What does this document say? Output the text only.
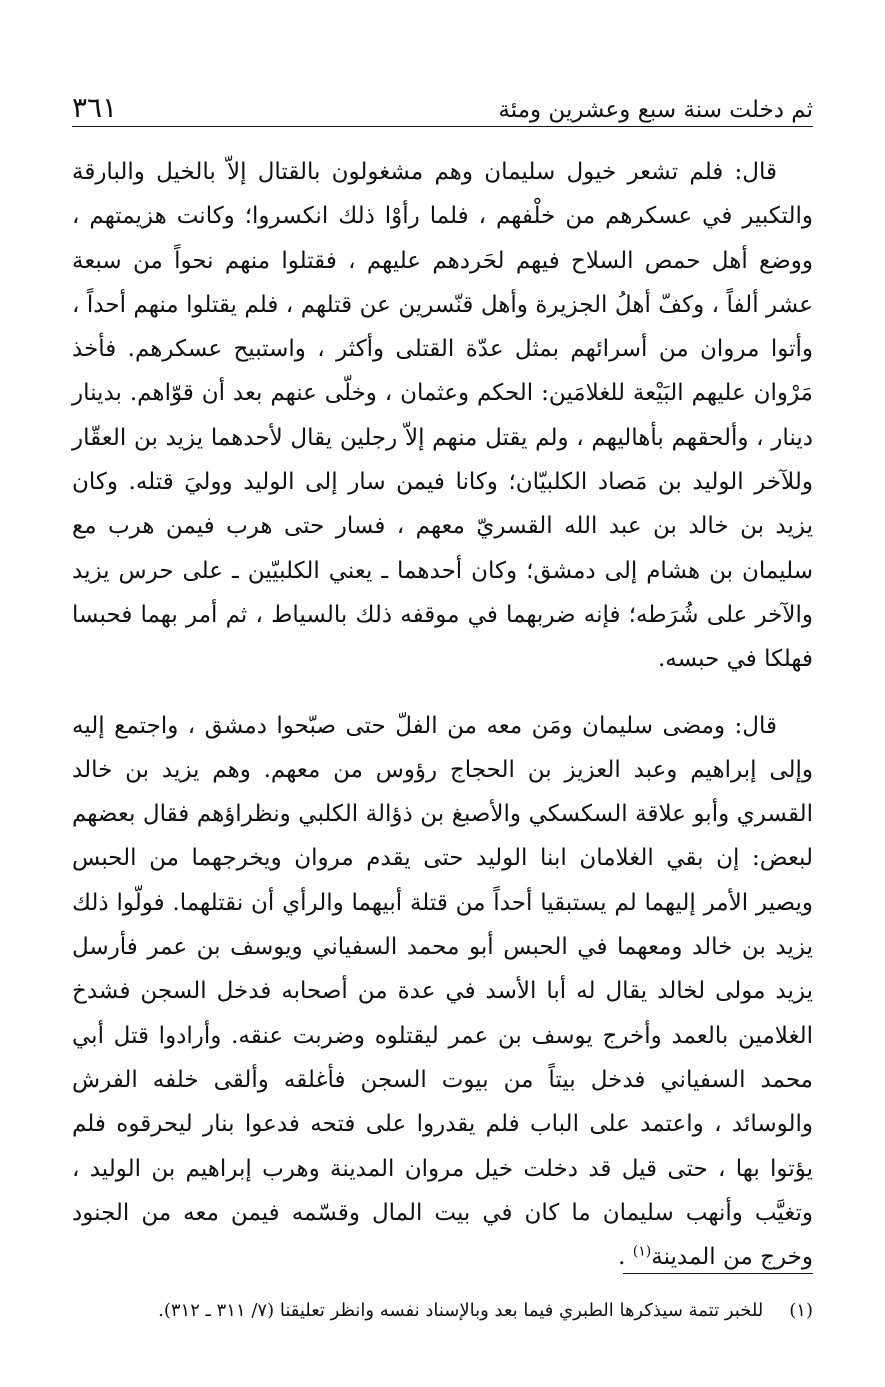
٣٦١	ثم دخلت سنة سبع وعشرين ومئة

قال: فلم تشعر خيول سليمان وهم مشغولون بالقتال إلاّ بالخيل والبارقة والتكبير في عسكرهم من خلْفهم ، فلما رأوْا ذلك انكسروا؛ وكانت هزيمتهم ، ووضع أهل حمص السلاح فيهم لحَردهم عليهم ، فقتلوا منهم نحواً من سبعة عشر ألفاً ، وكفّ أهلُ الجزيرة وأهل قنّسرين عن قتلهم ، فلم يقتلوا منهم أحداً ، وأتوا مروان من أسرائهم بمثل عدّة القتلى وأكثر ، واستبيح عسكرهم. فأخذ مَرْوان عليهم البَيْعة للغلامَين: الحكم وعثمان ، وخلّى عنهم بعد أن قوّاهم. بدينار دينار ، وألحقهم بأهاليهم ، ولم يقتل منهم إلاّ رجلين يقال لأحدهما يزيد بن العقّار وللآخر الوليد بن مَصاد الكلبيّان؛ وكانا فيمن سار إلى الوليد ووليَ قتله. وكان يزيد بن خالد بن عبد الله القسريّ معهم ، فسار حتى هرب فيمن هرب مع سليمان بن هشام إلى دمشق؛ وكان أحدهما ـ يعني الكلبيّين ـ على حرس يزيد والآخر على شُرَطه؛ فإنه ضربهما في موقفه ذلك بالسياط ، ثم أمر بهما فحبسا فهلكا في حبسه.

قال: ومضى سليمان ومَن معه من الفلّ حتى صبّحوا دمشق ، واجتمع إليه وإلى إبراهيم وعبد العزيز بن الحجاج رؤوس من معهم. وهم يزيد بن خالد القسري وأبو علاقة السكسكي والأصبغ بن ذؤالة الكلبي ونظراؤهم فقال بعضهم لبعض: إن بقي الغلامان ابنا الوليد حتى يقدم مروان ويخرجهما من الحبس ويصير الأمر إليهما لم يستبقيا أحداً من قتلة أبيهما والرأي أن نقتلهما. فولّوا ذلك يزيد بن خالد ومعهما في الحبس أبو محمد السفياني ويوسف بن عمر فأرسل يزيد مولى لخالد يقال له أبا الأسد في عدة من أصحابه فدخل السجن فشدخ الغلامين بالعمد وأخرج يوسف بن عمر ليقتلوه وضربت عنقه. وأرادوا قتل أبي محمد السفياني فدخل بيتاً من بيوت السجن فأغلقه وألقى خلفه الفرش والوسائد ، واعتمد على الباب فلم يقدروا على فتحه فدعوا بنار ليحرقوه فلم يؤتوا بها ، حتى قيل قد دخلت خيل مروان المدينة وهرب إبراهيم بن الوليد ، وتغيَّب وأنهب سليمان ما كان في بيت المال وقسّمه فيمن معه من الجنود وخرج من المدينة$^{(١)}$ .

(١)للخبر تتمة سيذكرها الطبري فيما بعد وبالإسناد نفسه وانظر تعليقنا (٧/ ٣١١ ـ ٣١٢).
